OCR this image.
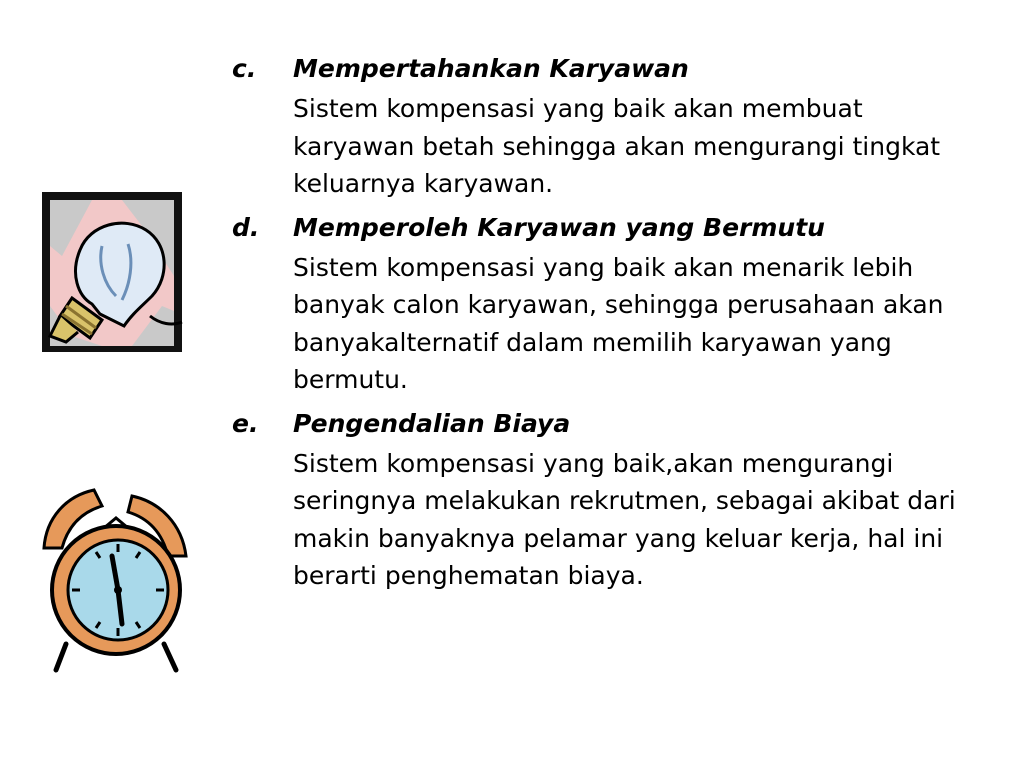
c. Mempertahankan Karyawan
Sistem kompensasi yang baik akan membuat karyawan betah sehingga akan mengurangi tingkat keluarnya karyawan.
d. Memperoleh Karyawan yang Bermutu
Sistem kompensasi yang baik akan menarik lebih banyak calon karyawan, sehingga perusahaan akan banyakalternatif dalam memilih karyawan yang bermutu.
e. Pengendalian Biaya
Sistem kompensasi yang baik,akan mengurangi seringnya melakukan rekrutmen, sebagai akibat dari makin banyaknya pelamar yang keluar kerja, hal ini berarti penghematan biaya.
